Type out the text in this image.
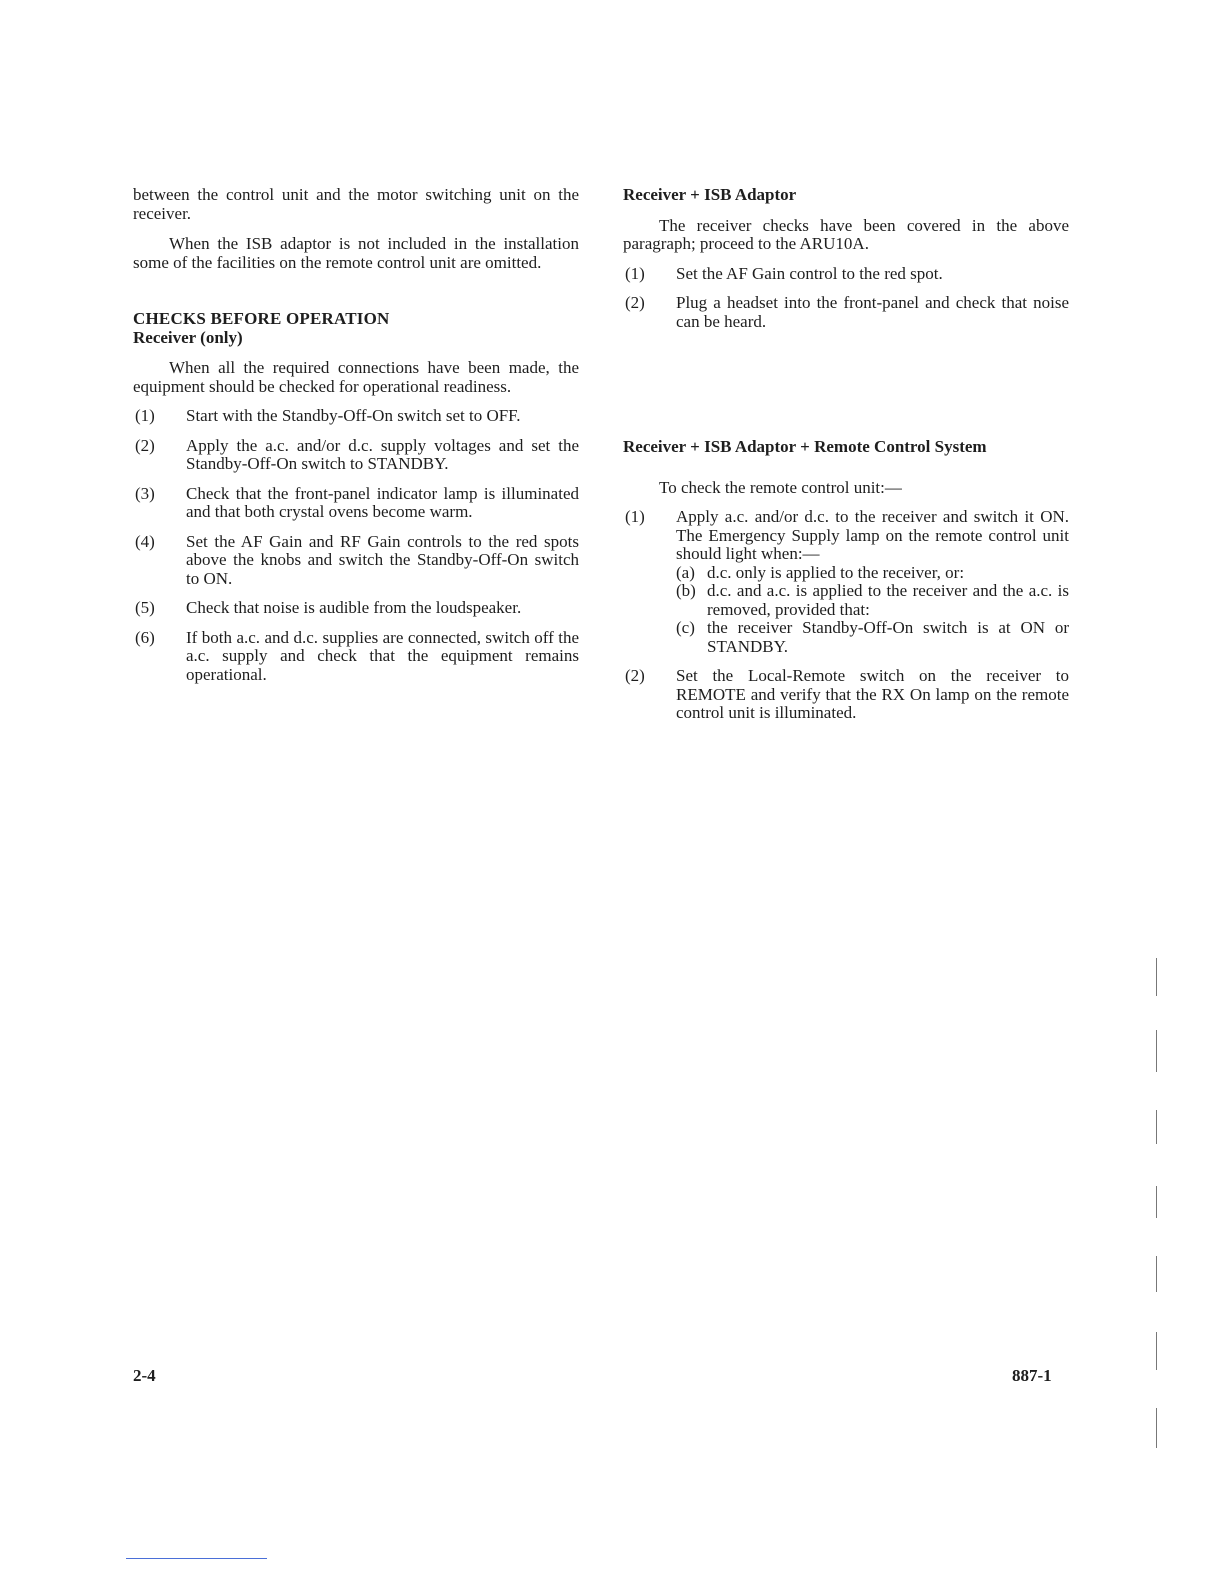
between the control unit and the motor switching unit on the receiver.

When the ISB adaptor is not included in the installation some of the facilities on the remote control unit are omitted.

CHECKS BEFORE OPERATION
Receiver (only)

When all the required connections have been made, the equipment should be checked for operational readiness.

(1) Start with the Standby-Off-On switch set to OFF.
(2) Apply the a.c. and/or d.c. supply voltages and set the Standby-Off-On switch to STANDBY.
(3) Check that the front-panel indicator lamp is illuminated and that both crystal ovens become warm.
(4) Set the AF Gain and RF Gain controls to the red spots above the knobs and switch the Standby-Off-On switch to ON.
(5) Check that noise is audible from the loudspeaker.
(6) If both a.c. and d.c. supplies are connected, switch off the a.c. supply and check that the equipment remains operational.
Receiver + ISB Adaptor

The receiver checks have been covered in the above paragraph; proceed to the ARU10A.

(1) Set the AF Gain control to the red spot.
(2) Plug a headset into the front-panel and check that noise can be heard.
Receiver + ISB Adaptor + Remote Control System

To check the remote control unit:—

(1) Apply a.c. and/or d.c. to the receiver and switch it ON. The Emergency Supply lamp on the remote control unit should light when:—
(a) d.c. only is applied to the receiver, or:
(b) d.c. and a.c. is applied to the receiver and the a.c. is removed, provided that:
(c) the receiver Standby-Off-On switch is at ON or STANDBY.
(2) Set the Local-Remote switch on the receiver to REMOTE and verify that the RX On lamp on the remote control unit is illuminated.
2-4	887-1
